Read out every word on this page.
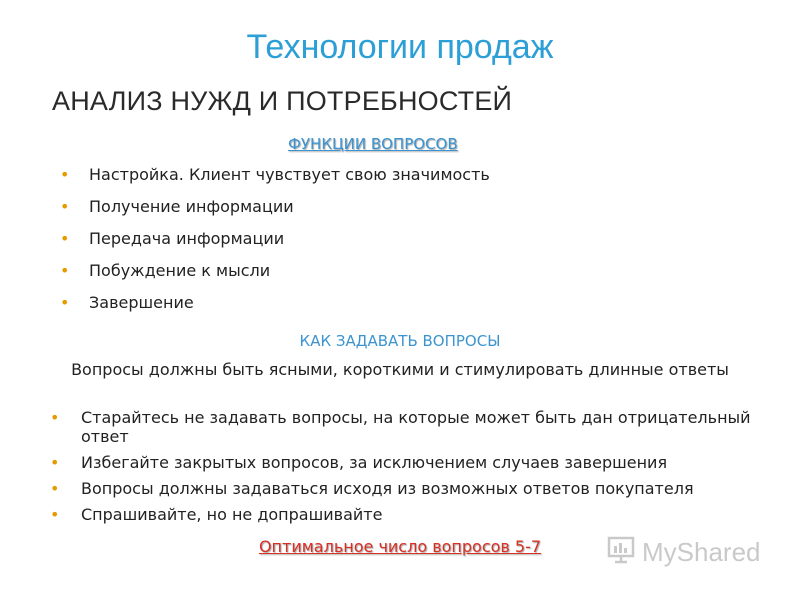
Технологии продаж
АНАЛИЗ НУЖД И ПОТРЕБНОСТЕЙ
ФУНКЦИИ ВОПРОСОВ
• Настройка. Клиент чувствует свою значимость
• Получение информации
• Передача информации
• Побуждение к мысли
• Завершение
КАК ЗАДАВАТЬ ВОПРОСЫ
Вопросы должны быть ясными, короткими и стимулировать длинные ответы
• Старайтесь не задавать вопросы, на которые может быть дан отрицательный ответ
• Избегайте закрытых вопросов, за исключением случаев завершения
• Вопросы должны задаваться исходя из возможных ответов покупателя
• Спрашивайте, но не допрашивайте
Оптимальное число вопросов 5-7	MyShared
